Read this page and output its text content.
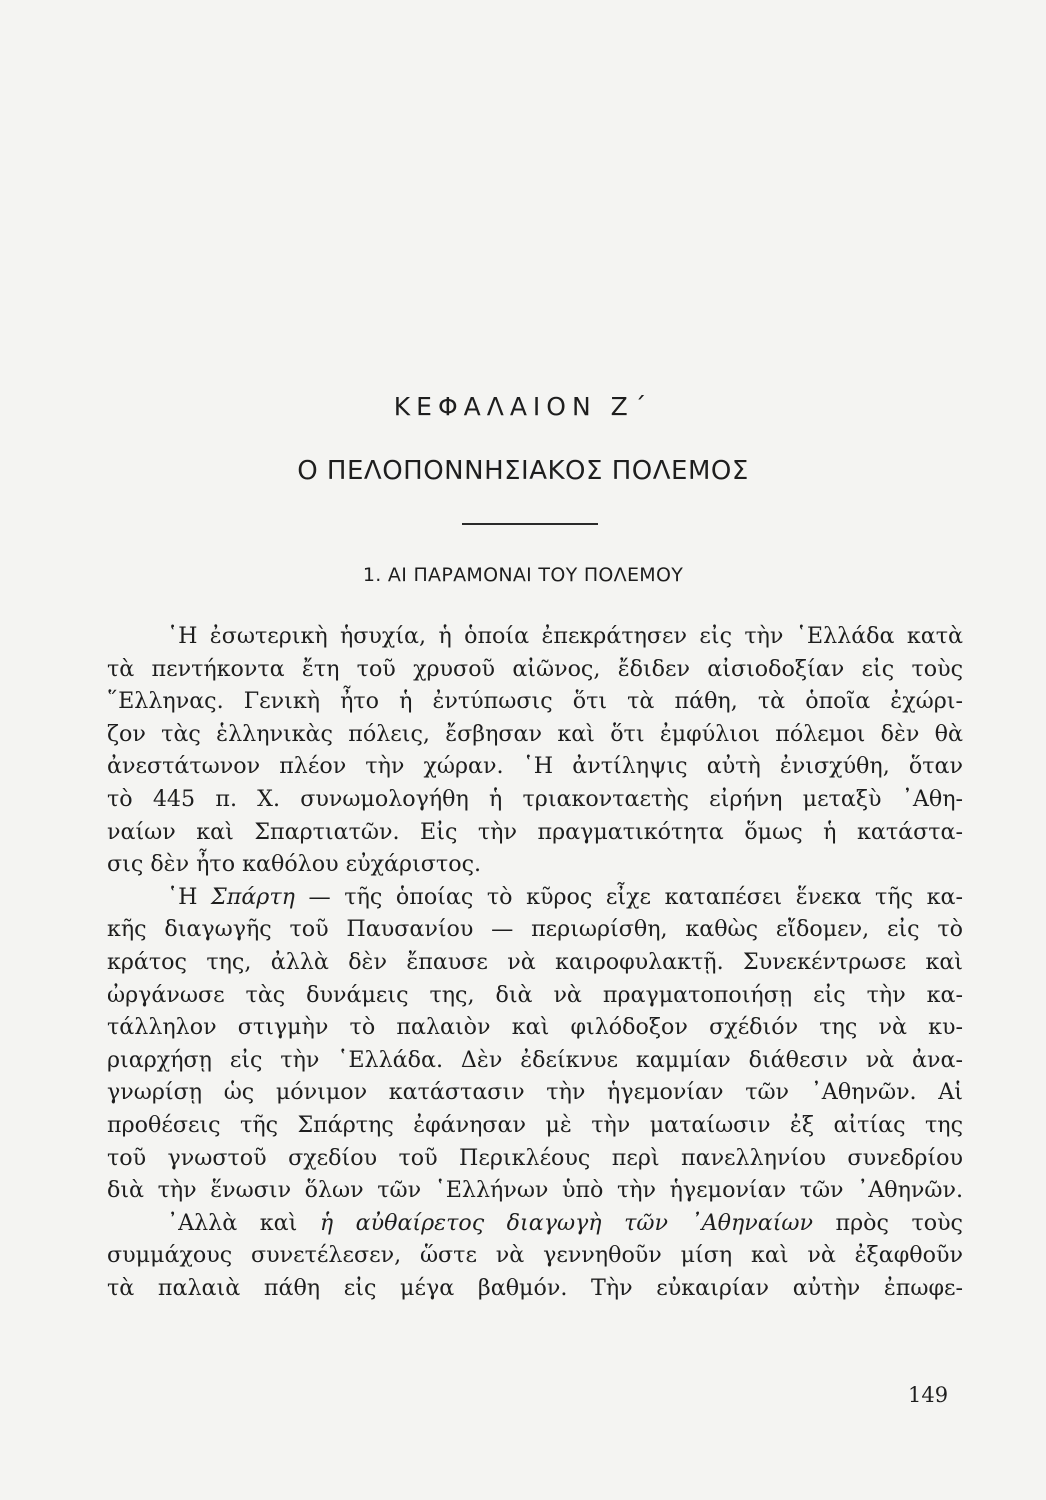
ΚΕΦΑΛΑΙΟΝ Ζ΄
Ο ΠΕΛΟΠΟΝΝΗΣΙΑΚΟΣ ΠΟΛΕΜΟΣ
1. ΑΙ ΠΑΡΑΜΟΝΑΙ ΤΟΥ ΠΟΛΕΜΟΥ
῾Η ἐσωτερικὴ ἡσυχία, ἡ ὁποία ἐπεκράτησεν εἰς τὴν ῾Ελλάδα κατὰ
τὰ πεντήκοντα ἔτη τοῦ χρυσοῦ αἰῶνος, ἔδιδεν αἰσιοδοξίαν εἰς τοὺς
῞Ελληνας. Γενικὴ ἦτο ἡ ἐντύπωσις ὅτι τὰ πάθη, τὰ ὁποῖα ἐχώρι-
ζον τὰς ἑλληνικὰς πόλεις, ἔσβησαν καὶ ὅτι ἐμφύλιοι πόλεμοι δὲν θὰ
ἀνεστάτωνον πλέον τὴν χώραν. ῾Η ἀντίληψις αὐτὴ ἐνισχύθη, ὅταν
τὸ 445 π. Χ. συνωμολογήθη ἡ τριακονταετὴς εἰρήνη μεταξὺ ᾿Αθη-
ναίων καὶ Σπαρτιατῶν. Εἰς τὴν πραγματικότητα ὅμως ἡ κατάστα-
σις δὲν ἦτο καθόλου εὐχάριστος.
῾Η Σπάρτη — τῆς ὁποίας τὸ κῦρος εἶχε καταπέσει ἕνεκα τῆς κα-
κῆς διαγωγῆς τοῦ Παυσανίου — περιωρίσθη, καθὼς εἴδομεν, εἰς τὸ
κράτος της, ἀλλὰ δὲν ἔπαυσε νὰ καιροφυλακτῇ. Συνεκέντρωσε καὶ
ὠργάνωσε τὰς δυνάμεις της, διὰ νὰ πραγματοποιήσῃ εἰς τὴν κα-
τάλληλον στιγμὴν τὸ παλαιὸν καὶ φιλόδοξον σχέδιόν της νὰ κυ-
ριαρχήσῃ εἰς τὴν ῾Ελλάδα. Δὲν ἐδείκνυε καμμίαν διάθεσιν νὰ ἀνα-
γνωρίσῃ ὡς μόνιμον κατάστασιν τὴν ἡγεμονίαν τῶν ᾿Αθηνῶν. Αἱ
προθέσεις τῆς Σπάρτης ἐφάνησαν μὲ τὴν ματαίωσιν ἐξ αἰτίας της
τοῦ γνωστοῦ σχεδίου τοῦ Περικλέους περὶ πανελληνίου συνεδρίου
διὰ τὴν ἕνωσιν ὅλων τῶν ῾Ελλήνων ὑπὸ τὴν ἡγεμονίαν τῶν ᾿Αθηνῶν.
᾿Αλλὰ καὶ ἡ αὐθαίρετος διαγωγὴ τῶν ᾿Αθηναίων πρὸς τοὺς
συμμάχους συνετέλεσεν, ὥστε νὰ γεννηθοῦν μίση καὶ νὰ ἐξαφθοῦν
τὰ παλαιὰ πάθη εἰς μέγα βαθμόν. Τὴν εὐκαιρίαν αὐτὴν ἐπωφε-
149
